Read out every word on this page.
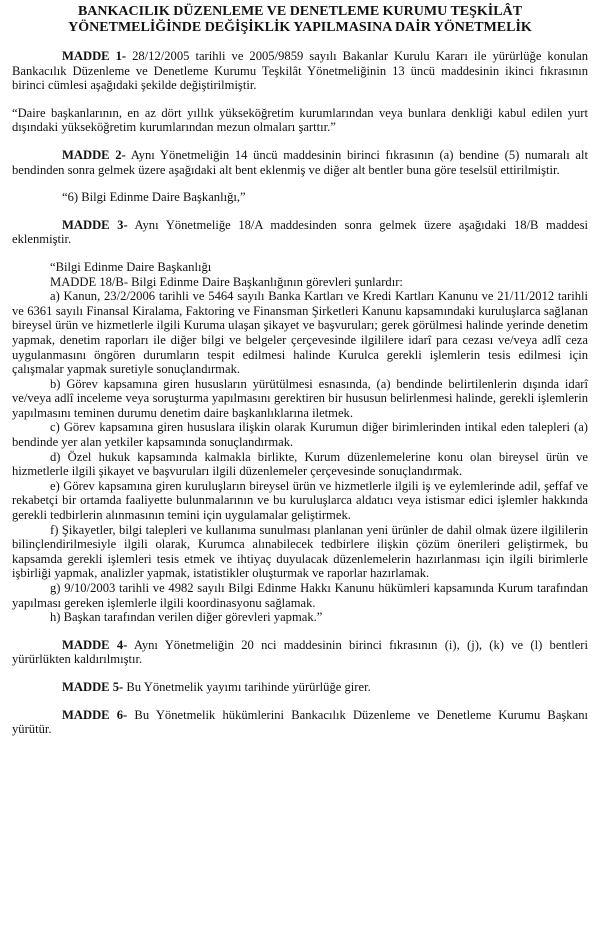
BANKACILIK DÜZENLEME VE DENETLEME KURUMU TEŞKİLÂT
YÖNETMELİĞİNDE DEĞİŞİKLİK YAPILMASINA DAİR YÖNETMELİK

MADDE 1- 28/12/2005 tarihli ve 2005/9859 sayılı Bakanlar Kurulu Kararı ile yürürlüğe konulan Bankacılık Düzenleme ve Denetleme Kurumu Teşkilât Yönetmeliğinin 13 üncü maddesinin ikinci fıkrasının birinci cümlesi aşağıdaki şekilde değiştirilmiştir.

“Daire başkanlarının, en az dört yıllık yükseköğretim kurumlarından veya bunlara denkliği kabul edilen yurt dışındaki yükseköğretim kurumlarından mezun olmaları şarttır.”

MADDE 2- Aynı Yönetmeliğin 14 üncü maddesinin birinci fıkrasının (a) bendine (5) numaralı alt bendinden sonra gelmek üzere aşağıdaki alt bent eklenmiş ve diğer alt bentler buna göre teselsül ettirilmiştir.

“6) Bilgi Edinme Daire Başkanlığı,”

MADDE 3- Aynı Yönetmeliğe 18/A maddesinden sonra gelmek üzere aşağıdaki 18/B maddesi eklenmiştir.

“Bilgi Edinme Daire Başkanlığı

MADDE 18/B- Bilgi Edinme Daire Başkanlığının görevleri şunlardır:

a) Kanun, 23/2/2006 tarihli ve 5464 sayılı Banka Kartları ve Kredi Kartları Kanunu ve 21/11/2012 tarihli ve 6361 sayılı Finansal Kiralama, Faktoring ve Finansman Şirketleri Kanunu kapsamındaki kuruluşlarca sağlanan bireysel ürün ve hizmetlerle ilgili Kuruma ulaşan şikayet ve başvuruları; gerek görülmesi halinde yerinde denetim yapmak, denetim raporları ile diğer bilgi ve belgeler çerçevesinde ilgililere idarî para cezası ve/veya adlî ceza uygulanmasını öngören durumların tespit edilmesi halinde Kurulca gerekli işlemlerin tesis edilmesi için çalışmalar yapmak suretiyle sonuçlandırmak.

b) Görev kapsamına giren hususların yürütülmesi esnasında, (a) bendinde belirtilenlerin dışında idarî ve/veya adlî inceleme veya soruşturma yapılmasını gerektiren bir hususun belirlenmesi halinde, gerekli işlemlerin yapılmasını teminen durumu denetim daire başkanlıklarına iletmek.

c) Görev kapsamına giren hususlara ilişkin olarak Kurumun diğer birimlerinden intikal eden talepleri (a) bendinde yer alan yetkiler kapsamında sonuçlandırmak.

d) Özel hukuk kapsamında kalmakla birlikte, Kurum düzenlemelerine konu olan bireysel ürün ve hizmetlerle ilgili şikayet ve başvuruları ilgili düzenlemeler çerçevesinde sonuçlandırmak.

e) Görev kapsamına giren kuruluşların bireysel ürün ve hizmetlerle ilgili iş ve eylemlerinde adil, şeffaf ve rekabetçi bir ortamda faaliyette bulunmalarının ve bu kuruluşlarca aldatıcı veya istismar edici işlemler hakkında gerekli tedbirlerin alınmasının temini için uygulamalar geliştirmek.

f) Şikayetler, bilgi talepleri ve kullanıma sunulması planlanan yeni ürünler de dahil olmak üzere ilgililerin bilinçlendirilmesiyle ilgili olarak, Kurumca alınabilecek tedbirlere ilişkin çözüm önerileri geliştirmek, bu kapsamda gerekli işlemleri tesis etmek ve ihtiyaç duyulacak düzenlemelerin hazırlanması için ilgili birimlerle işbirliği yapmak, analizler yapmak, istatistikler oluşturmak ve raporlar hazırlamak.

g) 9/10/2003 tarihli ve 4982 sayılı Bilgi Edinme Hakkı Kanunu hükümleri kapsamında Kurum tarafından yapılması gereken işlemlerle ilgili koordinasyonu sağlamak.

h) Başkan tarafından verilen diğer görevleri yapmak.”

MADDE 4- Aynı Yönetmeliğin 20 nci maddesinin birinci fıkrasının (i), (j), (k) ve (l) bentleri yürürlükten kaldırılmıştır.

MADDE 5- Bu Yönetmelik yayımı tarihinde yürürlüğe girer.

MADDE 6- Bu Yönetmelik hükümlerini Bankacılık Düzenleme ve Denetleme Kurumu Başkanı yürütür.
